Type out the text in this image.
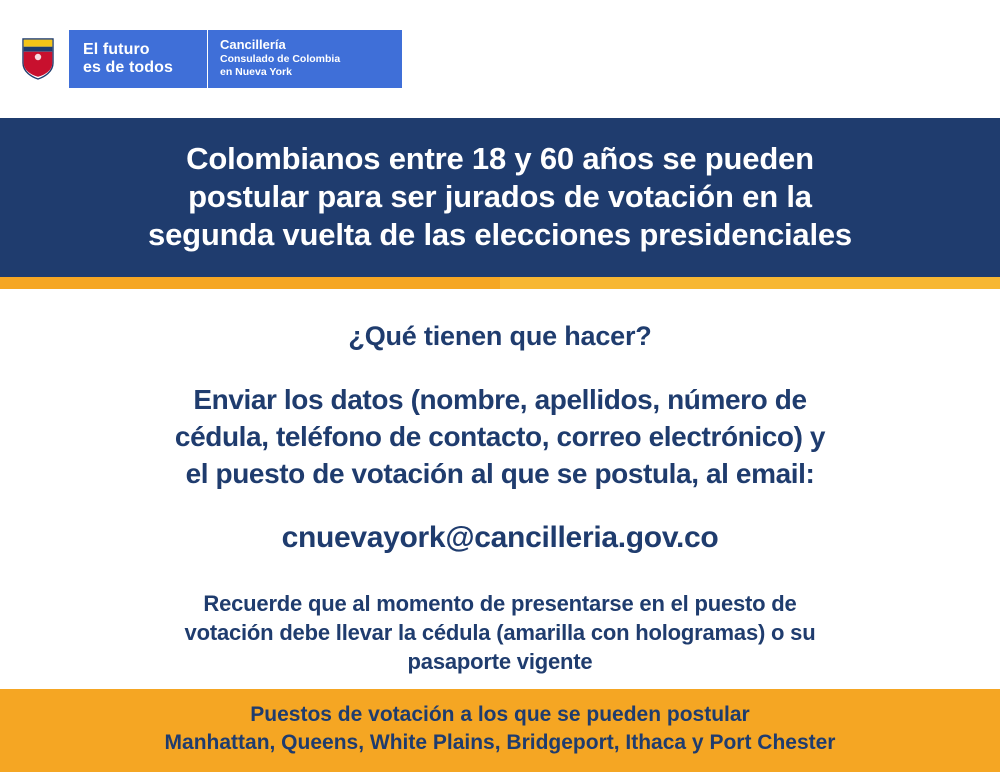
El futuro
es de todos
Cancillería
Consulado de Colombia
en Nueva York
Colombianos entre 18 y 60 años se pueden
postular para ser jurados de votación en la
segunda vuelta de las elecciones presidenciales
¿Qué tienen que hacer?
Enviar los datos (nombre, apellidos, número de
cédula, teléfono de contacto, correo electrónico) y
el puesto de votación al que se postula, al email:
cnuevayork@cancilleria.gov.co
Recuerde que al momento de presentarse en el puesto de
votación debe llevar la cédula (amarilla con hologramas) o su
pasaporte vigente
Puestos de votación a los que se pueden postular
Manhattan, Queens, White Plains, Bridgeport, Ithaca y Port Chester
